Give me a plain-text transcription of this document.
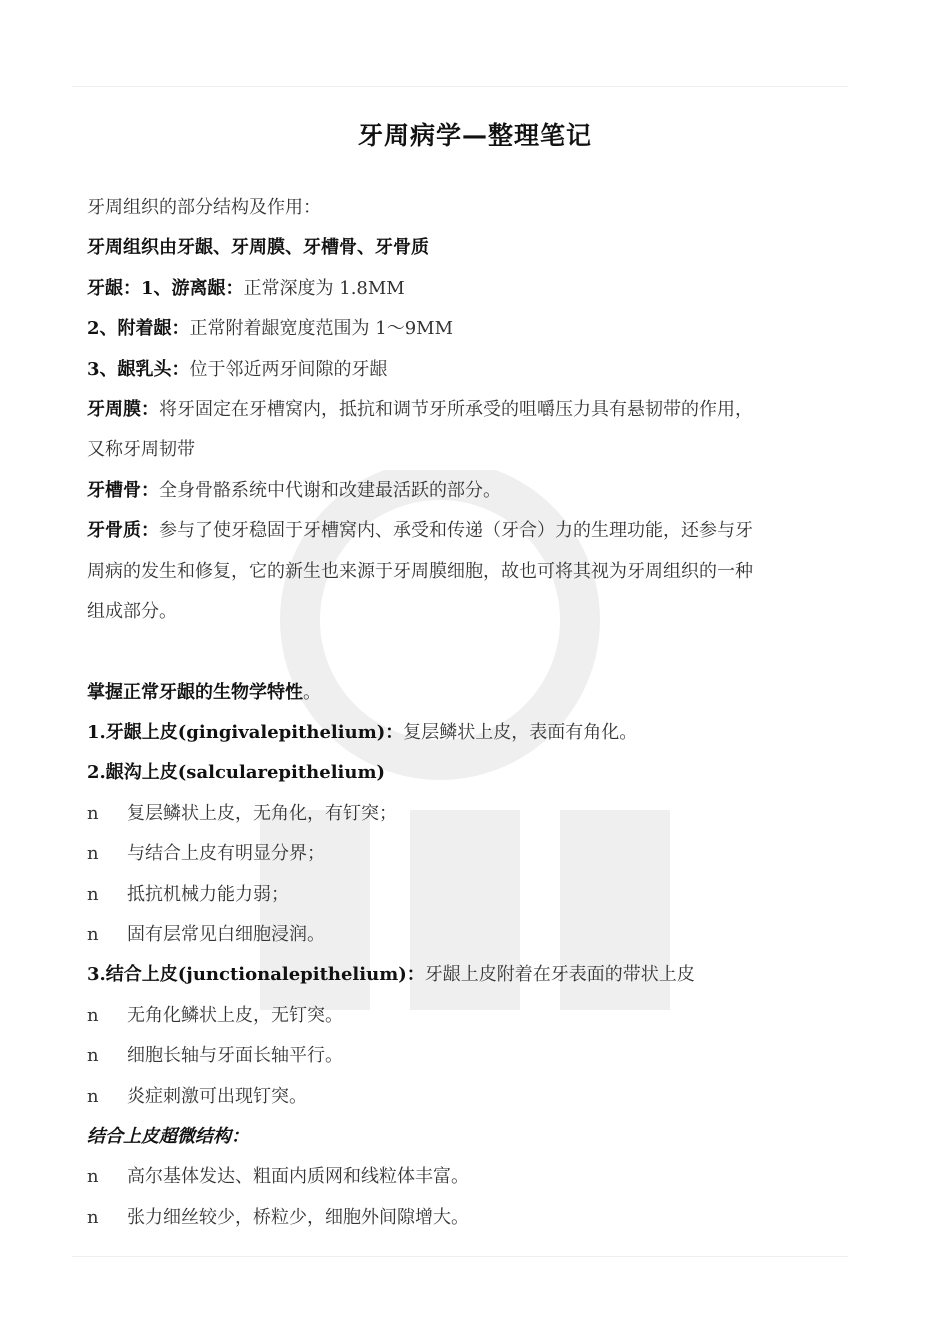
牙周病学—整理笔记
牙周组织的部分结构及作用：
牙周组织由牙龈、牙周膜、牙槽骨、牙骨质
牙龈：1、游离龈：正常深度为 1.8MM
2、附着龈：正常附着龈宽度范围为 1～9MM
3、龈乳头：位于邻近两牙间隙的牙龈
牙周膜：将牙固定在牙槽窝内，抵抗和调节牙所承受的咀嚼压力具有悬韧带的作用，
又称牙周韧带
牙槽骨：全身骨骼系统中代谢和改建最活跃的部分。
牙骨质：参与了使牙稳固于牙槽窝内、承受和传递（牙合）力的生理功能，还参与牙
周病的发生和修复，它的新生也来源于牙周膜细胞，故也可将其视为牙周组织的一种
组成部分。
掌握正常牙龈的生物学特性。
1.牙龈上皮(gingivalepithelium)：复层鳞状上皮，表面有角化。
2.龈沟上皮(salcularepithelium)
n 复层鳞状上皮，无角化，有钉突；
n 与结合上皮有明显分界；
n 抵抗机械力能力弱；
n 固有层常见白细胞浸润。
3.结合上皮(junctionalepithelium)：牙龈上皮附着在牙表面的带状上皮
n 无角化鳞状上皮，无钉突。
n 细胞长轴与牙面长轴平行。
n 炎症刺激可出现钉突。
结合上皮超微结构：
n 高尔基体发达、粗面内质网和线粒体丰富。
n 张力细丝较少，桥粒少，细胞外间隙增大。
